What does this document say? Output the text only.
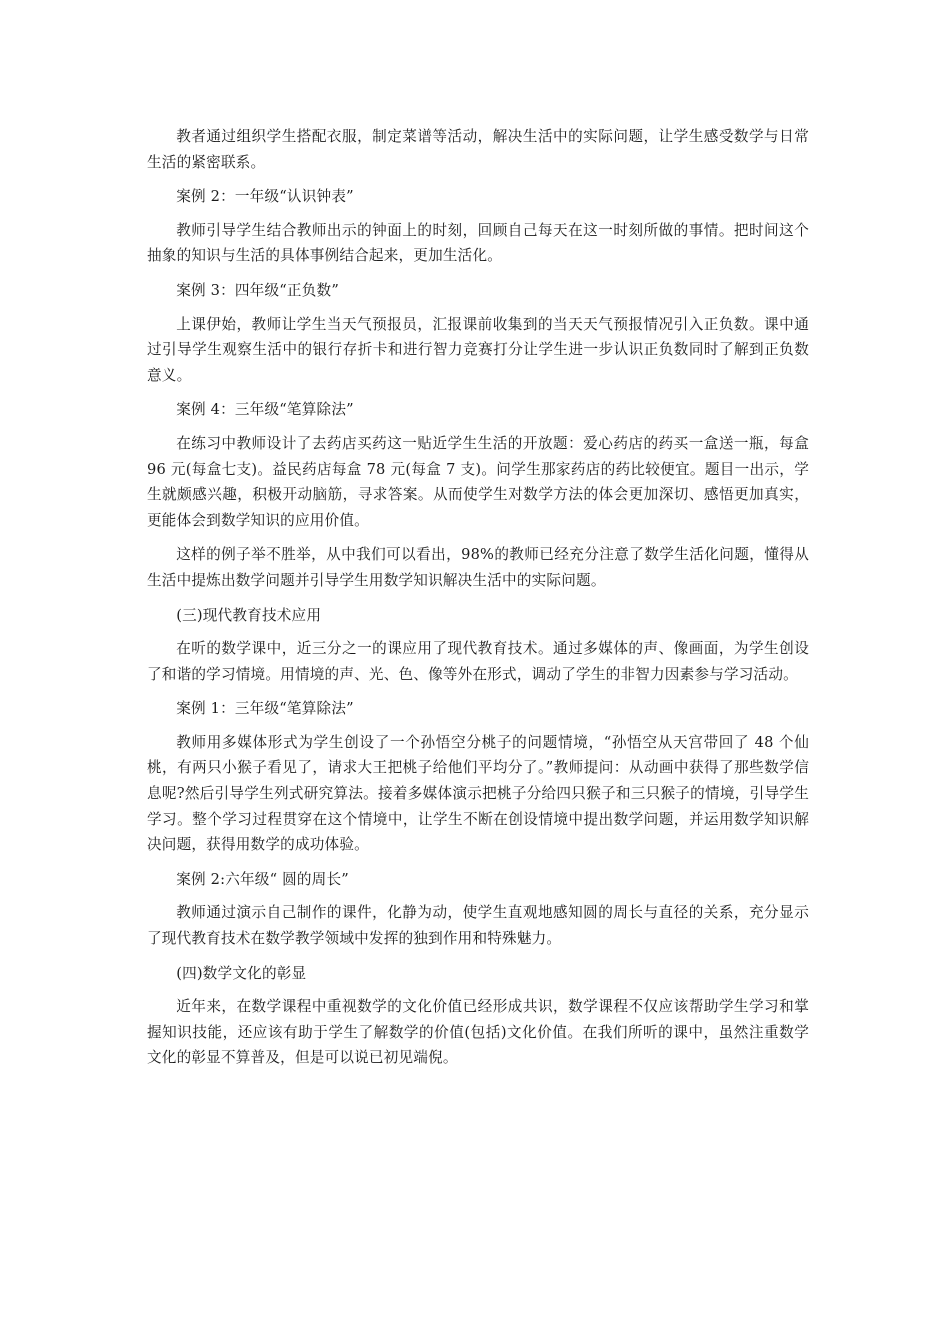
教者通过组织学生搭配衣服，制定菜谱等活动，解决生活中的实际问题，让学生感受数学与日常生活的紧密联系。

案例 2：一年级“认识钟表”

教师引导学生结合教师出示的钟面上的时刻，回顾自己每天在这一时刻所做的事情。把时间这个抽象的知识与生活的具体事例结合起来，更加生活化。

案例 3：四年级“正负数”

上课伊始，教师让学生当天气预报员，汇报课前收集到的当天天气预报情况引入正负数。课中通过引导学生观察生活中的银行存折卡和进行智力竞赛打分让学生进一步认识正负数同时了解到正负数意义。

案例 4：三年级“笔算除法”

在练习中教师设计了去药店买药这一贴近学生生活的开放题：爱心药店的药买一盒送一瓶，每盒 96 元(每盒七支)。益民药店每盒 78 元(每盒 7 支)。问学生那家药店的药比较便宜。题目一出示，学生就颇感兴趣，积极开动脑筋，寻求答案。从而使学生对数学方法的体会更加深切、感悟更加真实，更能体会到数学知识的应用价值。

这样的例子举不胜举，从中我们可以看出，98%的教师已经充分注意了数学生活化问题，懂得从生活中提炼出数学问题并引导学生用数学知识解决生活中的实际问题。

(三)现代教育技术应用

在听的数学课中，近三分之一的课应用了现代教育技术。通过多媒体的声、像画面，为学生创设了和谐的学习情境。用情境的声、光、色、像等外在形式，调动了学生的非智力因素参与学习活动。

案例 1：三年级“笔算除法”

教师用多媒体形式为学生创设了一个孙悟空分桃子的问题情境，“孙悟空从天宫带回了 48 个仙桃，有两只小猴子看见了，请求大王把桃子给他们平均分了。”教师提问：从动画中获得了那些数学信息呢?然后引导学生列式研究算法。接着多媒体演示把桃子分给四只猴子和三只猴子的情境，引导学生学习。整个学习过程贯穿在这个情境中，让学生不断在创设情境中提出数学问题，并运用数学知识解决问题，获得用数学的成功体验。

案例 2:六年级“ 圆的周长”

教师通过演示自己制作的课件，化静为动，使学生直观地感知圆的周长与直径的关系，充分显示了现代教育技术在数学教学领域中发挥的独到作用和特殊魅力。

(四)数学文化的彰显

近年来，在数学课程中重视数学的文化价值已经形成共识，数学课程不仅应该帮助学生学习和掌握知识技能，还应该有助于学生了解数学的价值(包括)文化价值。在我们所听的课中，虽然注重数学文化的彰显不算普及，但是可以说已初见端倪。
